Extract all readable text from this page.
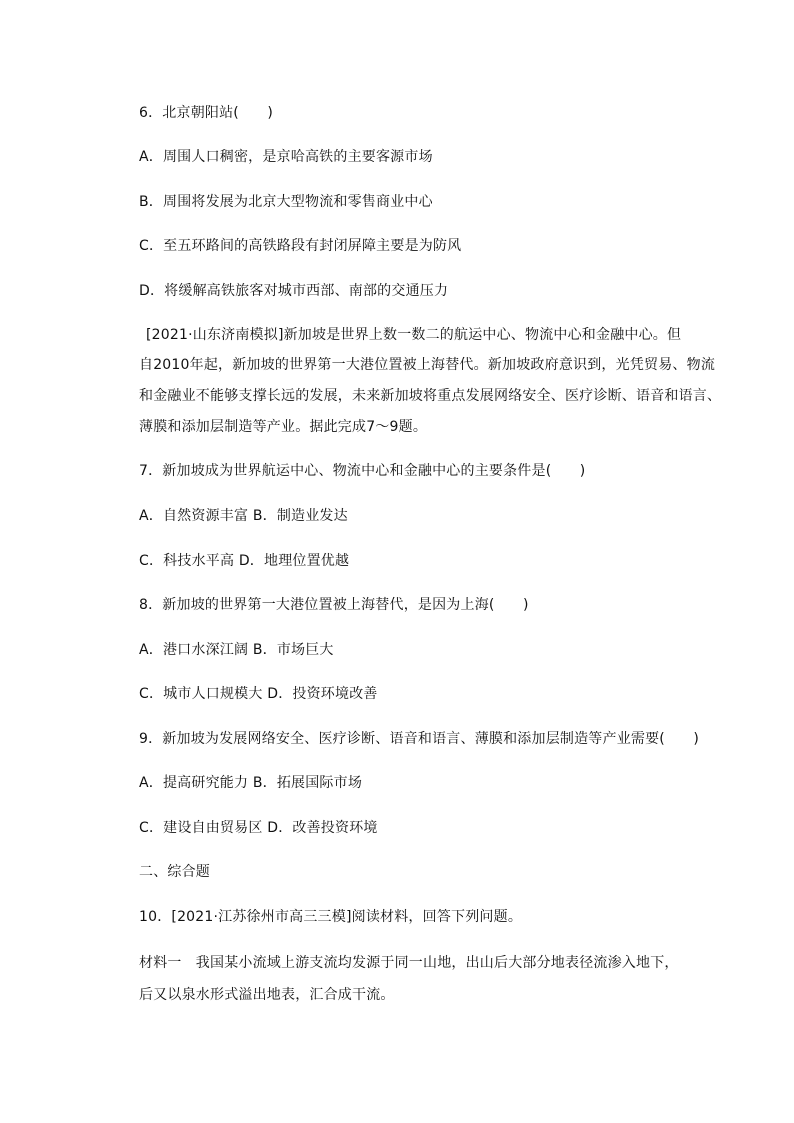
6．北京朝阳站(　　)
A．周围人口稠密，是京哈高铁的主要客源市场
B．周围将发展为北京大型物流和零售商业中心
C．至五环路间的高铁路段有封闭屏障主要是为防风
D．将缓解高铁旅客对城市西部、南部的交通压力
[2021·山东济南模拟]新加坡是世界上数一数二的航运中心、物流中心和金融中心。但
自2010年起，新加坡的世界第一大港位置被上海替代。新加坡政府意识到，光凭贸易、物流
和金融业不能够支撑长远的发展，未来新加坡将重点发展网络安全、医疗诊断、语音和语言、
薄膜和添加层制造等产业。据此完成7～9题。
7．新加坡成为世界航运中心、物流中心和金融中心的主要条件是(　　)
A．自然资源丰富 B．制造业发达
C．科技水平高 D．地理位置优越
8．新加坡的世界第一大港位置被上海替代，是因为上海(　　)
A．港口水深江阔 B．市场巨大
C．城市人口规模大 D．投资环境改善
9．新加坡为发展网络安全、医疗诊断、语音和语言、薄膜和添加层制造等产业需要(　　)
A．提高研究能力 B．拓展国际市场
C．建设自由贸易区 D．改善投资环境
二、综合题
10．[2021·江苏徐州市高三三模]阅读材料，回答下列问题。
材料一　我国某小流域上游支流均发源于同一山地，出山后大部分地表径流渗入地下，
后又以泉水形式溢出地表，汇合成干流。
